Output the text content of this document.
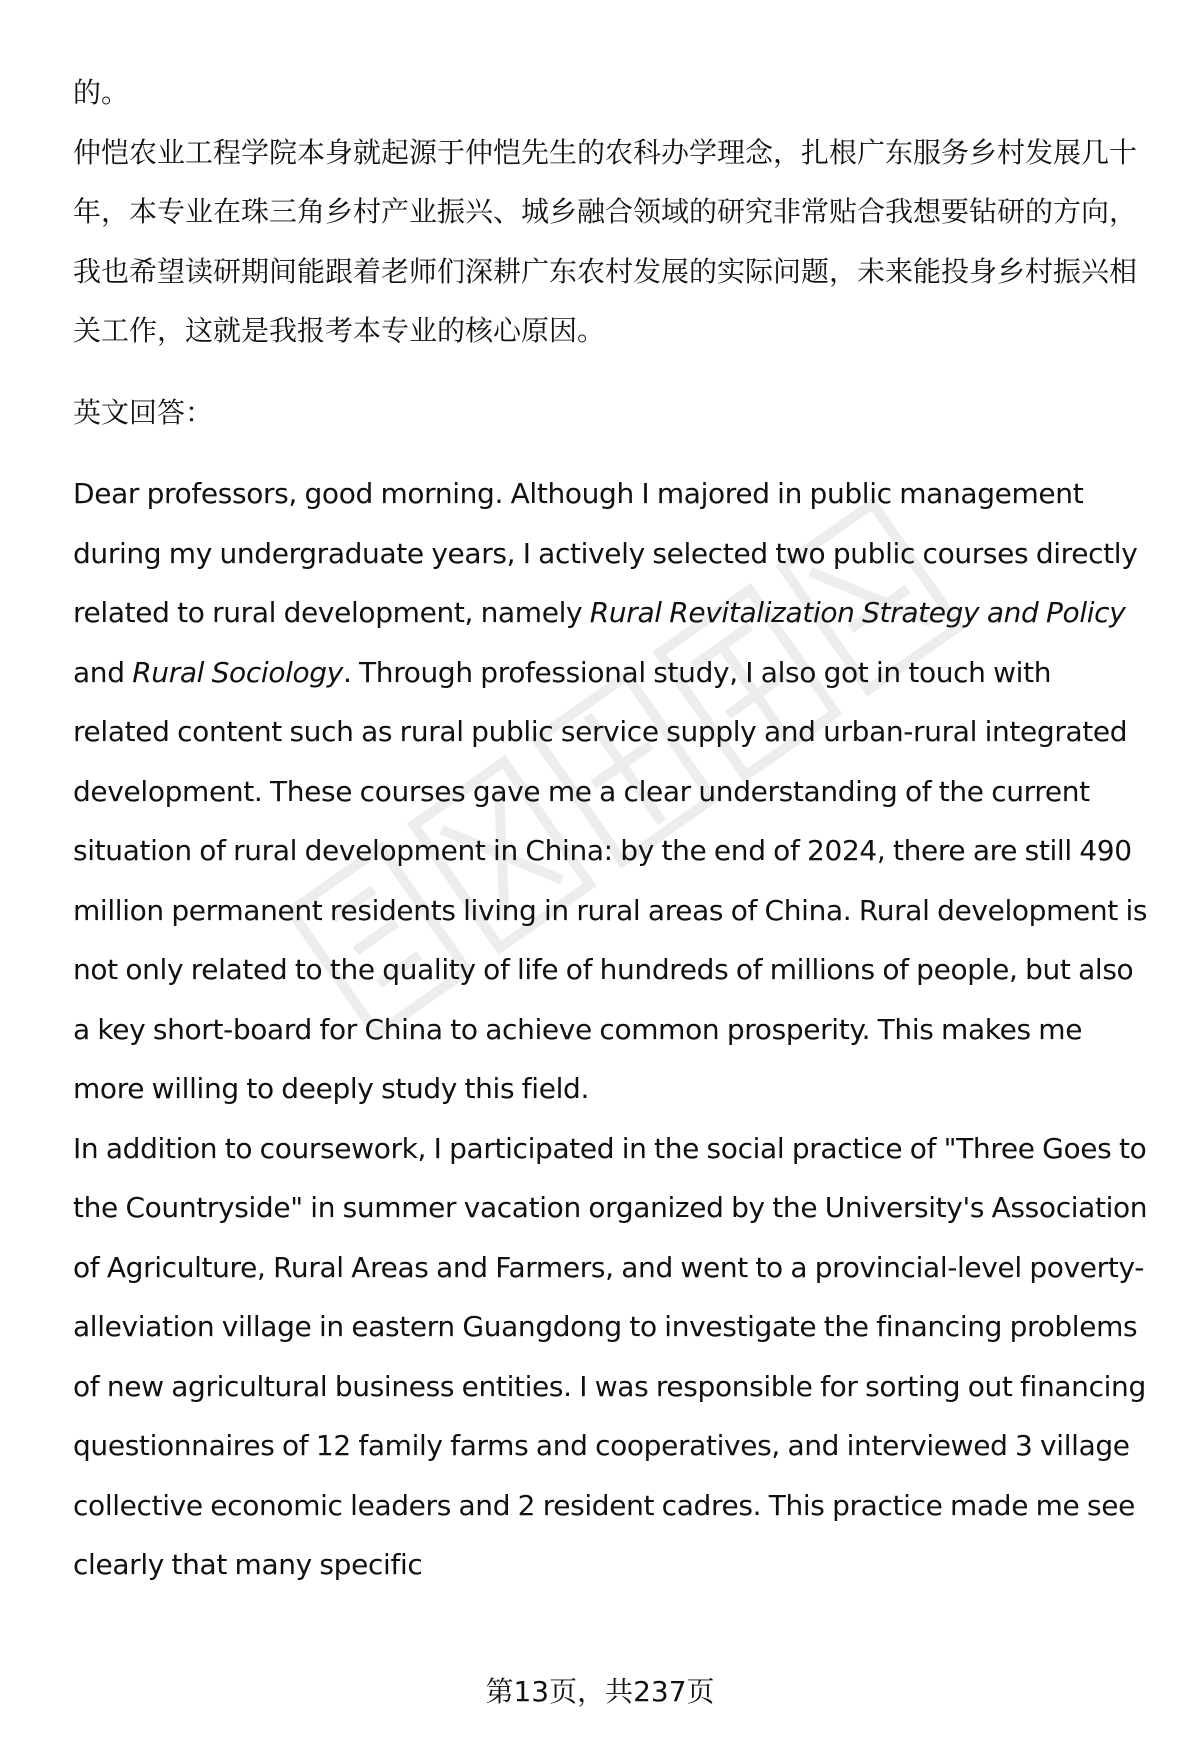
的。

仲恺农业工程学院本身就起源于仲恺先生的农科办学理念，扎根广东服务乡村发展几十年，本专业在珠三角乡村产业振兴、城乡融合领域的研究非常贴合我想要钻研的方向，我也希望读研期间能跟着老师们深耕广东农村发展的实际问题，未来能投身乡村振兴相关工作，这就是我报考本专业的核心原因。

英文回答：

Dear professors, good morning. Although I majored in public management during my undergraduate years, I actively selected two public courses directly related to rural development, namely Rural Revitalization Strategy and Policy and Rural Sociology. Through professional study, I also got in touch with related content such as rural public service supply and urban-rural integrated development. These courses gave me a clear understanding of the current situation of rural development in China: by the end of 2024, there are still 490 million permanent residents living in rural areas of China. Rural development is not only related to the quality of life of hundreds of millions of people, but also a key short-board for China to achieve common prosperity. This makes me more willing to deeply study this field.

In addition to coursework, I participated in the social practice of "Three Goes to the Countryside" in summer vacation organized by the University's Association of Agriculture, Rural Areas and Farmers, and went to a provincial-level poverty-alleviation village in eastern Guangdong to investigate the financing problems of new agricultural business entities. I was responsible for sorting out financing questionnaires of 12 family farms and cooperatives, and interviewed 3 village collective economic leaders and 2 resident cadres. This practice made me see clearly that many specific

第13页，共237页
